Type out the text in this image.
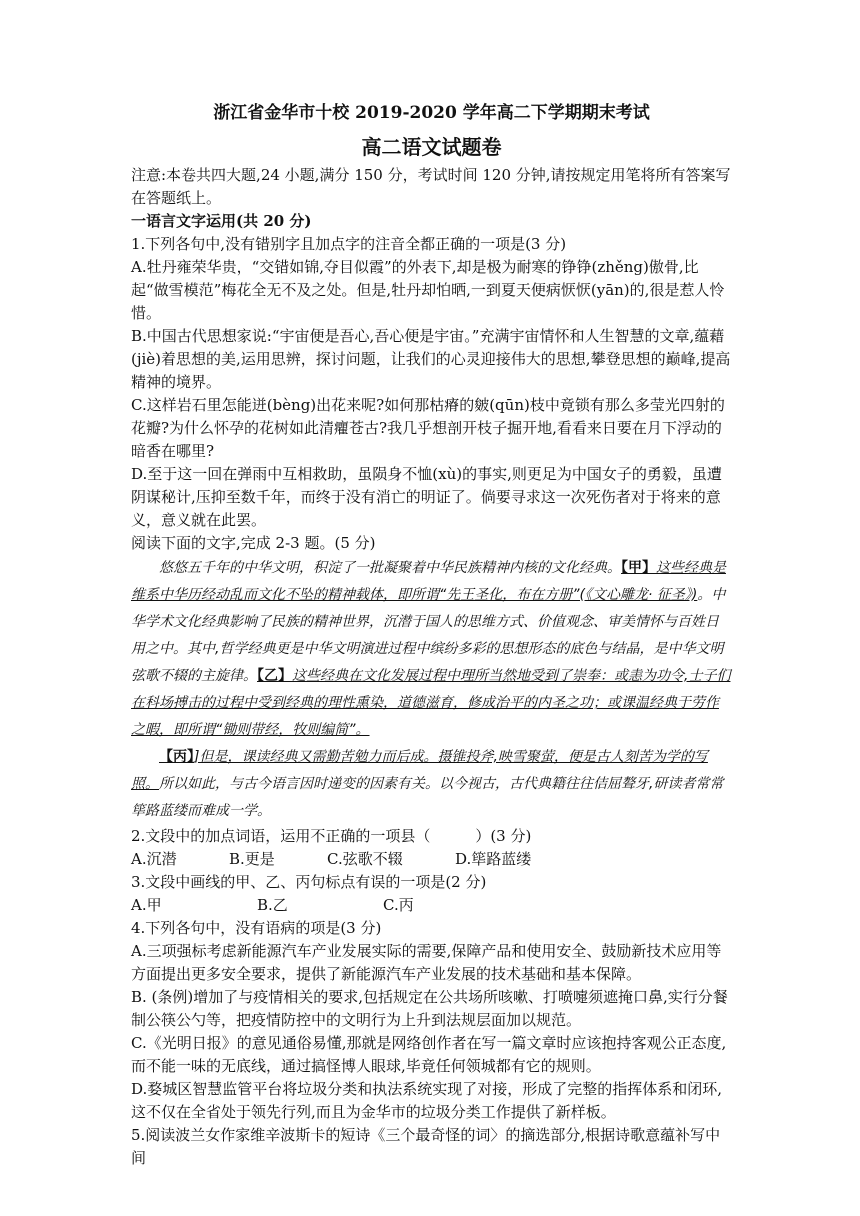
浙江省金华市十校 2019-2020 学年高二下学期期末考试
高二语文试题卷

注意:本卷共四大题,24 小题,满分 150 分，考试时间 120 分钟,请按规定用笔将所有答案写在答题纸上。

一语言文字运用(共 20 分)

1.下列各句中,没有错别字且加点字的注音全都正确的一项是(3 分)

A.牡丹雍荣华贵，“交错如锦,夺目似霞”的外表下,却是极为耐寒的铮铮(zhěng)傲骨,比起“做雪模范”梅花全无不及之处。但是,牡丹却怕晒,一到夏天便病恹恹(yān)的,很是惹人怜惜。

B.中国古代思想家说:“宇宙便是吾心,吾心便是宇宙。”充满宇宙情怀和人生智慧的文章,蕴藉(jiè)着思想的美,运用思辨，探讨问题，让我们的心灵迎接伟大的思想,攀登思想的巅峰,提高精神的境界。

C.这样岩石里怎能迸(bèng)出花来呢?如何那枯瘠的皴(qūn)枝中竟锁有那么多莹光四射的花瓣?为什么怀孕的花树如此清癯苍古?我几乎想剖开枝子掘开地,看看来日要在月下浮动的暗香在哪里?

D.至于这一回在弹雨中互相救助，虽陨身不恤(xù)的事实,则更足为中国女子的勇毅，虽遭阴谋秘计,压抑至数千年，而终于没有消亡的明证了。倘要寻求这一次死伤者对于将来的意义，意义就在此罢。

阅读下面的文字,完成 2-3 题。(5 分)

悠悠五千年的中华文明，积淀了一批凝聚着中华民族精神内核的文化经典。【甲】这些经典是维系中华历经动乱而文化不坠的精神载体，即所谓“先王圣化，布在方册”(《文心雕龙· 征圣》)。中华学术文化经典影响了民族的精神世界，沉潜于国人的思维方式、价值观念、审美情怀与百姓日用之中。其中,哲学经典更是中华文明演进过程中缤纷多彩的思想形态的底色与结晶，是中华文明弦歌不辍的主旋律。【乙】这些经典在文化发展过程中理所当然地受到了崇奉：或恚为功令,士子们在科场搏击的过程中受到经典的理性熏染，道德滋育，修成治平的内圣之功；或课温经典于劳作之暇，即所谓“锄则带经，牧则编简”。

【丙】]但是，课读经典又需勤苦勉力而后成。摄锥投斧,映雪聚萤，便是古人刻苦为学的写照。所以如此，与古今语言因时递变的因素有关。以今视古，古代典籍往往佶屈聱牙,研读者常常筚路蓝缕而难成一学。

2.文段中的加点词语，运用不正确的一项县（　　　）(3 分)

A.沉潜	B.更是	C.弦歌不辍	D.筚路蓝缕

3.文段中画线的甲、乙、丙句标点有误的一项是(2 分)

A.甲	B.乙	C.丙

4.下列各句中，没有语病的项是(3 分)

A.三项强标考虑新能源汽车产业发展实际的需要,保障产品和使用安全、鼓励新技术应用等方面提出更多安全要求，提供了新能源汽车产业发展的技术基础和基本保障。

B. (条例)增加了与疫情相关的要求,包括规定在公共场所咳嗽、打喷嚏须遮掩口鼻,实行分餐制公筷公勺等，把疫情防控中的文明行为上升到法规层面加以规范。

C.《光明日报》的意见通俗易懂,那就是网络创作者在写一篇文章时应该抱持客观公正态度,而不能一味的无底线，通过搞怪博人眼球,毕竟任何领城都有它的规则。

D.婺城区智慧监管平台将垃圾分类和执法系统实现了对接，形成了完整的指挥体系和闭环,这不仅在全省处于领先行列,而且为金华市的垃圾分类工作提供了新样板。

5.阅读波兰女作家维辛波斯卡的短诗《三个最奇怪的词〉的摘选部分,根据诗歌意蕴补写中间
